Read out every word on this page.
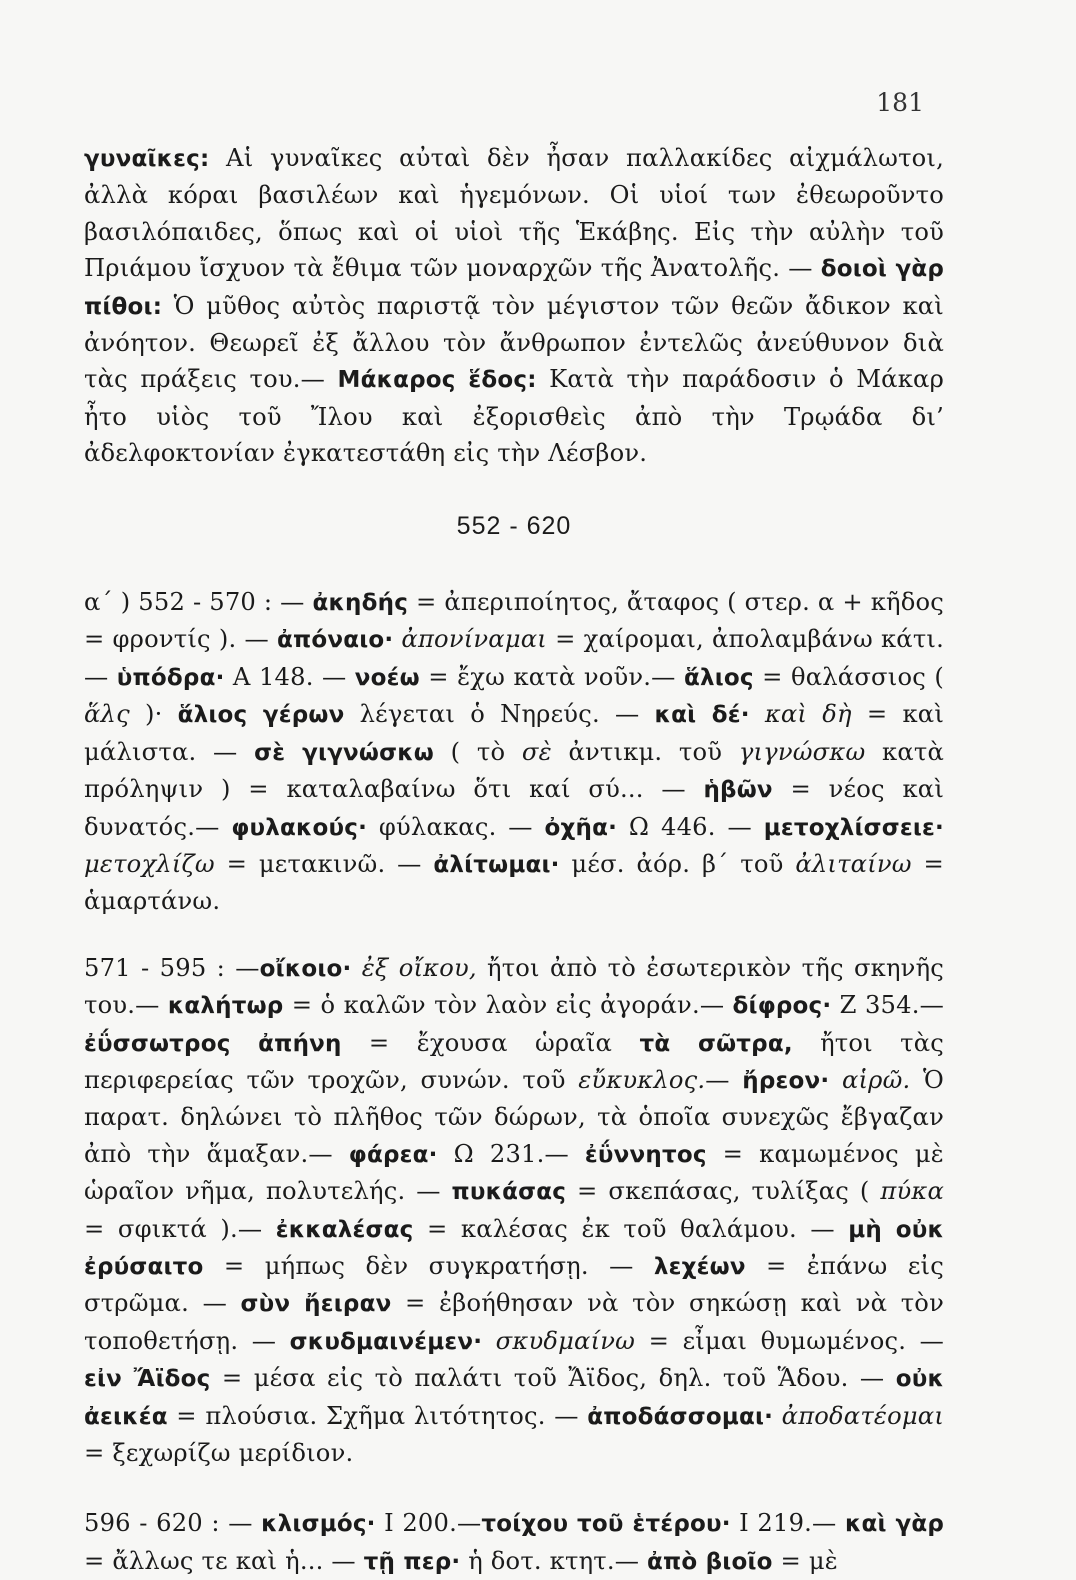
181

γυναῖκες: Αἱ γυναῖκες αὐταὶ δὲν ἦσαν παλλακίδες αἰχμάλωτοι, ἀλλὰ κόραι βασιλέων καὶ ἡγεμόνων. Οἱ υἱοί των ἐθεωροῦντο βασιλόπαιδες, ὅπως καὶ οἱ υἱοὶ τῆς Ἑκάβης. Εἰς τὴν αὐλὴν τοῦ Πριάμου ἴσχυον τὰ ἔθιμα τῶν μοναρχῶν τῆς Ἀνατολῆς. — δοιοὶ γὰρ πίθοι: Ὁ μῦθος αὐτὸς παριστᾷ τὸν μέγιστον τῶν θεῶν ἄδικον καὶ ἀνόητον. Θεωρεῖ ἐξ ἄλλου τὸν ἄνθρωπον ἐντελῶς ἀνεύθυνον διὰ τὰς πράξεις του.— Μάκαρος ἕδος: Κατὰ τὴν παράδοσιν ὁ Μάκαρ ἦτο υἱὸς τοῦ Ἴλου καὶ ἐξορισθεὶς ἀπὸ τὴν Τρῳάδα δι’ ἀδελφοκτονίαν ἐγκατεστάθη εἰς τὴν Λέσβον.

552 - 620

α΄ ) 552 - 570 : — ἀκηδής = ἀπεριποίητος, ἄταφος ( στερ. α + κῆδος = φροντίς ). — ἀπόναιο· ἀπονίναμαι = χαίρομαι, ἀπολαμβάνω κάτι. — ὑπόδρα· Α 148. — νοέω = ἔχω κατὰ νοῦν.— ἅλιος = θαλάσσιος ( ἅλς )· ἅλιος γέρων λέγεται ὁ Νηρεύς. — καὶ δέ· καὶ δὴ = καὶ μάλιστα. — σὲ γιγνώσκω ( τὸ σὲ ἀντικμ. τοῦ γιγνώσκω κατὰ πρόληψιν ) = καταλαβαίνω ὅτι καί σύ... — ἡβῶν = νέος καὶ δυνατός.— φυλακούς· φύλακας. — ὀχῆα· Ω 446. — μετοχλίσσειε· μετοχλίζω = μετακινῶ. — ἀλίτωμαι· μέσ. ἀόρ. β΄ τοῦ ἀλιταίνω = ἁμαρτάνω.

571 - 595 : —οἴκοιο· ἐξ οἴκου, ἤτοι ἀπὸ τὸ ἐσωτερικὸν τῆς σκηνῆς του.— καλήτωρ = ὁ καλῶν τὸν λαὸν εἰς ἀγοράν.— δίφρος· Ζ 354.— ἐΰσσωτρος ἀπήνη = ἔχουσα ὡραῖα τὰ σῶτρα, ἤτοι τὰς περιφερείας τῶν τροχῶν, συνών. τοῦ εὔκυκλος.— ἤρεον· αἱρῶ. Ὁ παρατ. δηλώνει τὸ πλῆθος τῶν δώρων, τὰ ὁποῖα συνεχῶς ἔβγαζαν ἀπὸ τὴν ἅμαξαν.— φάρεα· Ω 231.— ἐΰννητος = καμωμένος μὲ ὡραῖον νῆμα, πολυτελής. — πυκάσας = σκεπάσας, τυλίξας ( πύκα = σφικτά ).— ἐκκαλέσας = καλέσας ἐκ τοῦ θαλάμου. — μὴ οὐκ ἐρύσαιτο = μήπως δὲν συγκρατήσῃ. — λεχέων = ἐπάνω εἰς στρῶμα. — σὺν ἤειραν = ἐβοήθησαν νὰ τὸν σηκώσῃ καὶ νὰ τὸν τοποθετήσῃ. — σκυδμαινέμεν· σκυδμαίνω = εἶμαι θυμωμένος. — εἰν Ἄϊδος = μέσα εἰς τὸ παλάτι τοῦ Ἄϊδος, δηλ. τοῦ Ἅδου. — οὐκ ἀεικέα = πλούσια. Σχῆμα λιτότητος. — ἀποδάσσομαι· ἀποδατέομαι = ξεχωρίζω μερίδιον.

596 - 620 : — κλισμός· Ι 200.—τοίχου τοῦ ἑτέρου· Ι 219.— καὶ γὰρ = ἄλλως τε καὶ ἡ... — τῇ περ· ἡ δοτ. κτητ.— ἀπὸ βιοῖο = μὲ
